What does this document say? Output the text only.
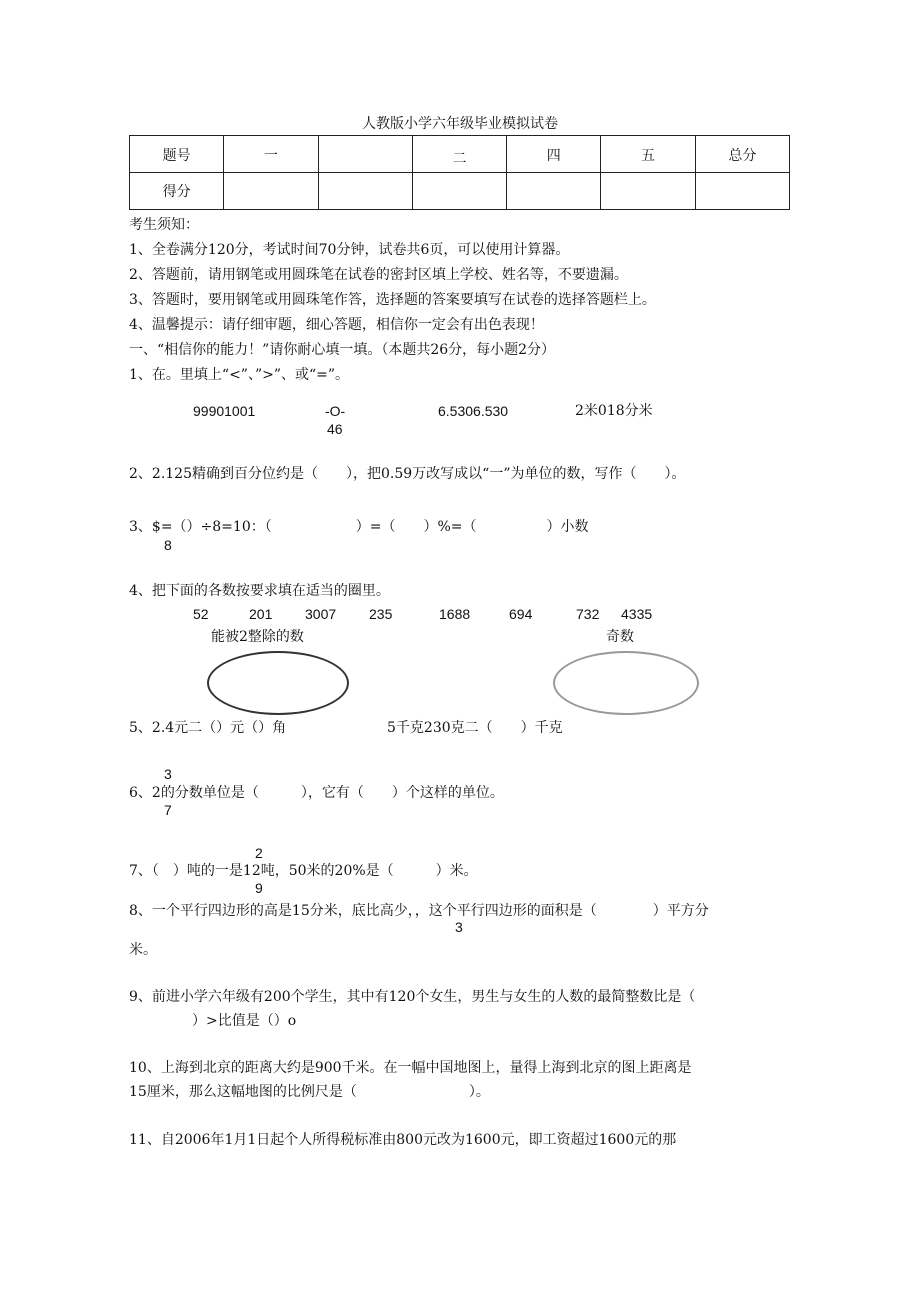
人教版小学六年级毕业模拟试卷
题号	一		二	四	五	总分
得分						
考生须知：
1、全卷满分120分，考试时间70分钟，试卷共6页，可以使用计算器。
2、答题前，请用钢笔或用圆珠笔在试卷的密封区填上学校、姓名等，不要遗漏。
3、答题时，要用钢笔或用圆珠笔作答，选择题的答案要填写在试卷的选择答题栏上。
4、温馨提示：请仔细审题，细心答题，相信你一定会有出色表现！
一、“相信你的能力！”请你耐心填一填。（本题共26分，每小题2分）
1、在。里填上“<”、”>”、或“=”。
99901001	-O-
46
6.5306.530	2米018分米
2、2.125精确到百分位约是（　　），把0.59万改写成以“一”为单位的数，写作（　　）。
3、$=（）÷8=10：（　　　　　　）=（　　）%=（　　　　　）小数
8
4、把下面的各数按要求填在适当的圈里。
52	201 3007 235	1688	694	732 4335
能被2整除的数	奇数
5、2.4元二（）元（）角	5千克230克二（　　）千克
3
6、2的分数单位是（　　　），它有（　　）个这样的单位。
7
2
7、（　）吨的一是12吨，50米的20%是（　　　）米。
9
8、一个平行四边形的高是15分米，底比高少，，这个平行四边形的面积是（　　　　）平方分
3
米。
9、前进小学六年级有200个学生，其中有120个女生，男生与女生的人数的最简整数比是（
）>比值是（）o
10、上海到北京的距离大约是900千米。在一幅中国地图上，量得上海到北京的图上距离是
15厘米，那么这幅地图的比例尺是（　　　　　　　　）。
11、自2006年1月1日起个人所得税标准由800元改为1600元，即工资超过1600元的那
